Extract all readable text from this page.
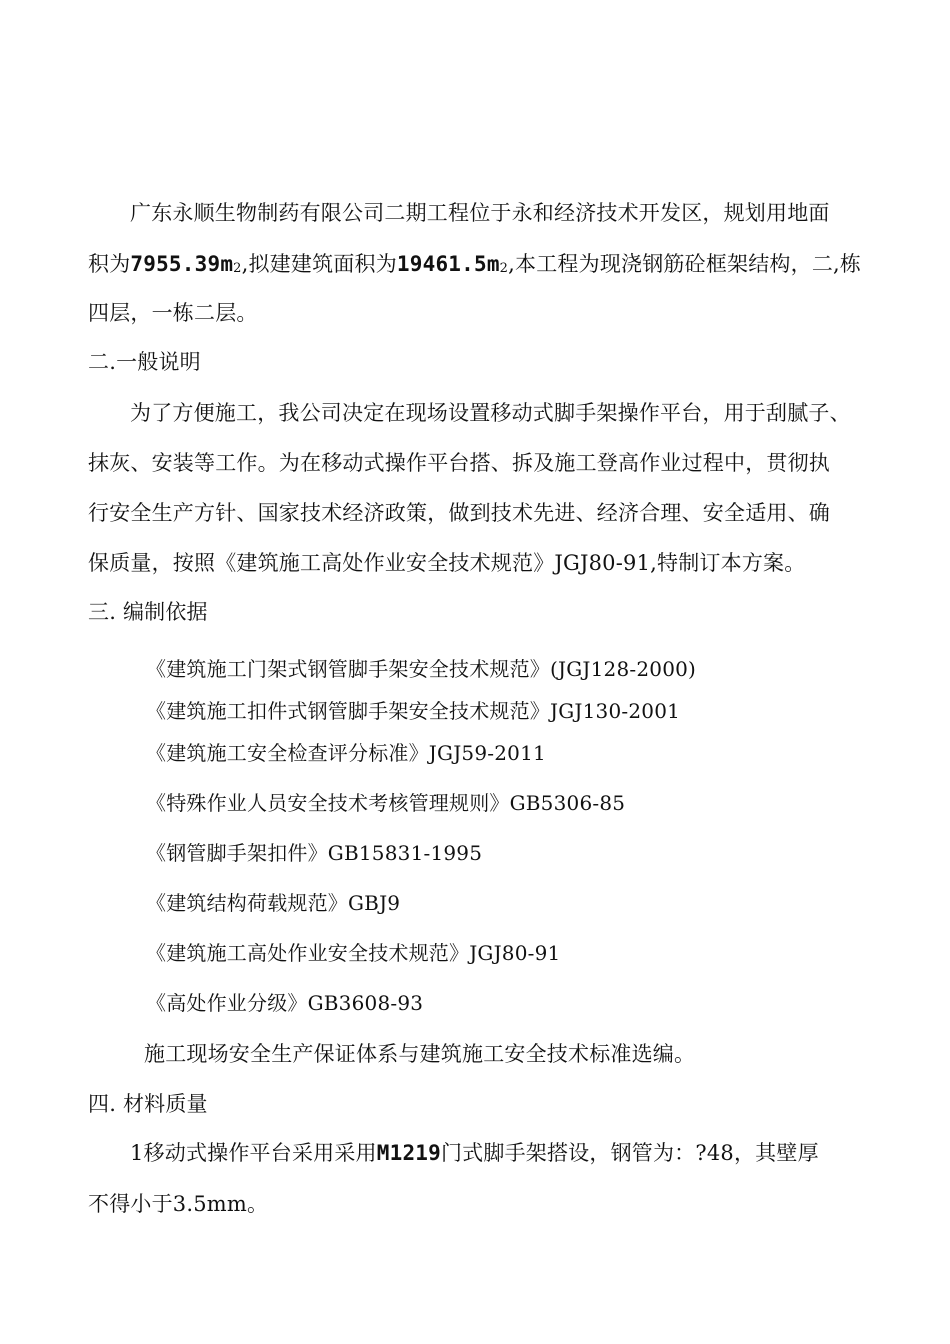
广东永顺生物制药有限公司二期工程位于永和经济技术开发区，规划用地面
积为$7955.39m_2$,拟建建筑面积为$19461.5m_2$,本工程为现浇钢筋砼框架结构，二,栋
四层，一栋二层。
二.一般说明
为了方便施工，我公司决定在现场设置移动式脚手架操作平台，用于刮腻子、
抹灰、安装等工作。为在移动式操作平台搭、拆及施工登高作业过程中，贯彻执
行安全生产方针、国家技术经济政策，做到技术先进、经济合理、安全适用、确
保质量，按照《建筑施工高处作业安全技术规范》JGJ80-91,特制订本方案。
三. 编制依据
《建筑施工门架式钢管脚手架安全技术规范》(JGJ128-2000)
《建筑施工扣件式钢管脚手架安全技术规范》JGJ130-2001
《建筑施工安全检查评分标准》JGJ59-2011
《特殊作业人员安全技术考核管理规则》GB5306-85
《钢管脚手架扣件》GB15831-1995
《建筑结构荷载规范》GBJ9
《建筑施工高处作业安全技术规范》JGJ80-91
《高处作业分级》GB3608-93
施工现场安全生产保证体系与建筑施工安全技术标准选编。
四. 材料质量
1移动式操作平台采用采用M1219门式脚手架搭设，钢管为：?48，其壁厚
不得小于3.5mm。
